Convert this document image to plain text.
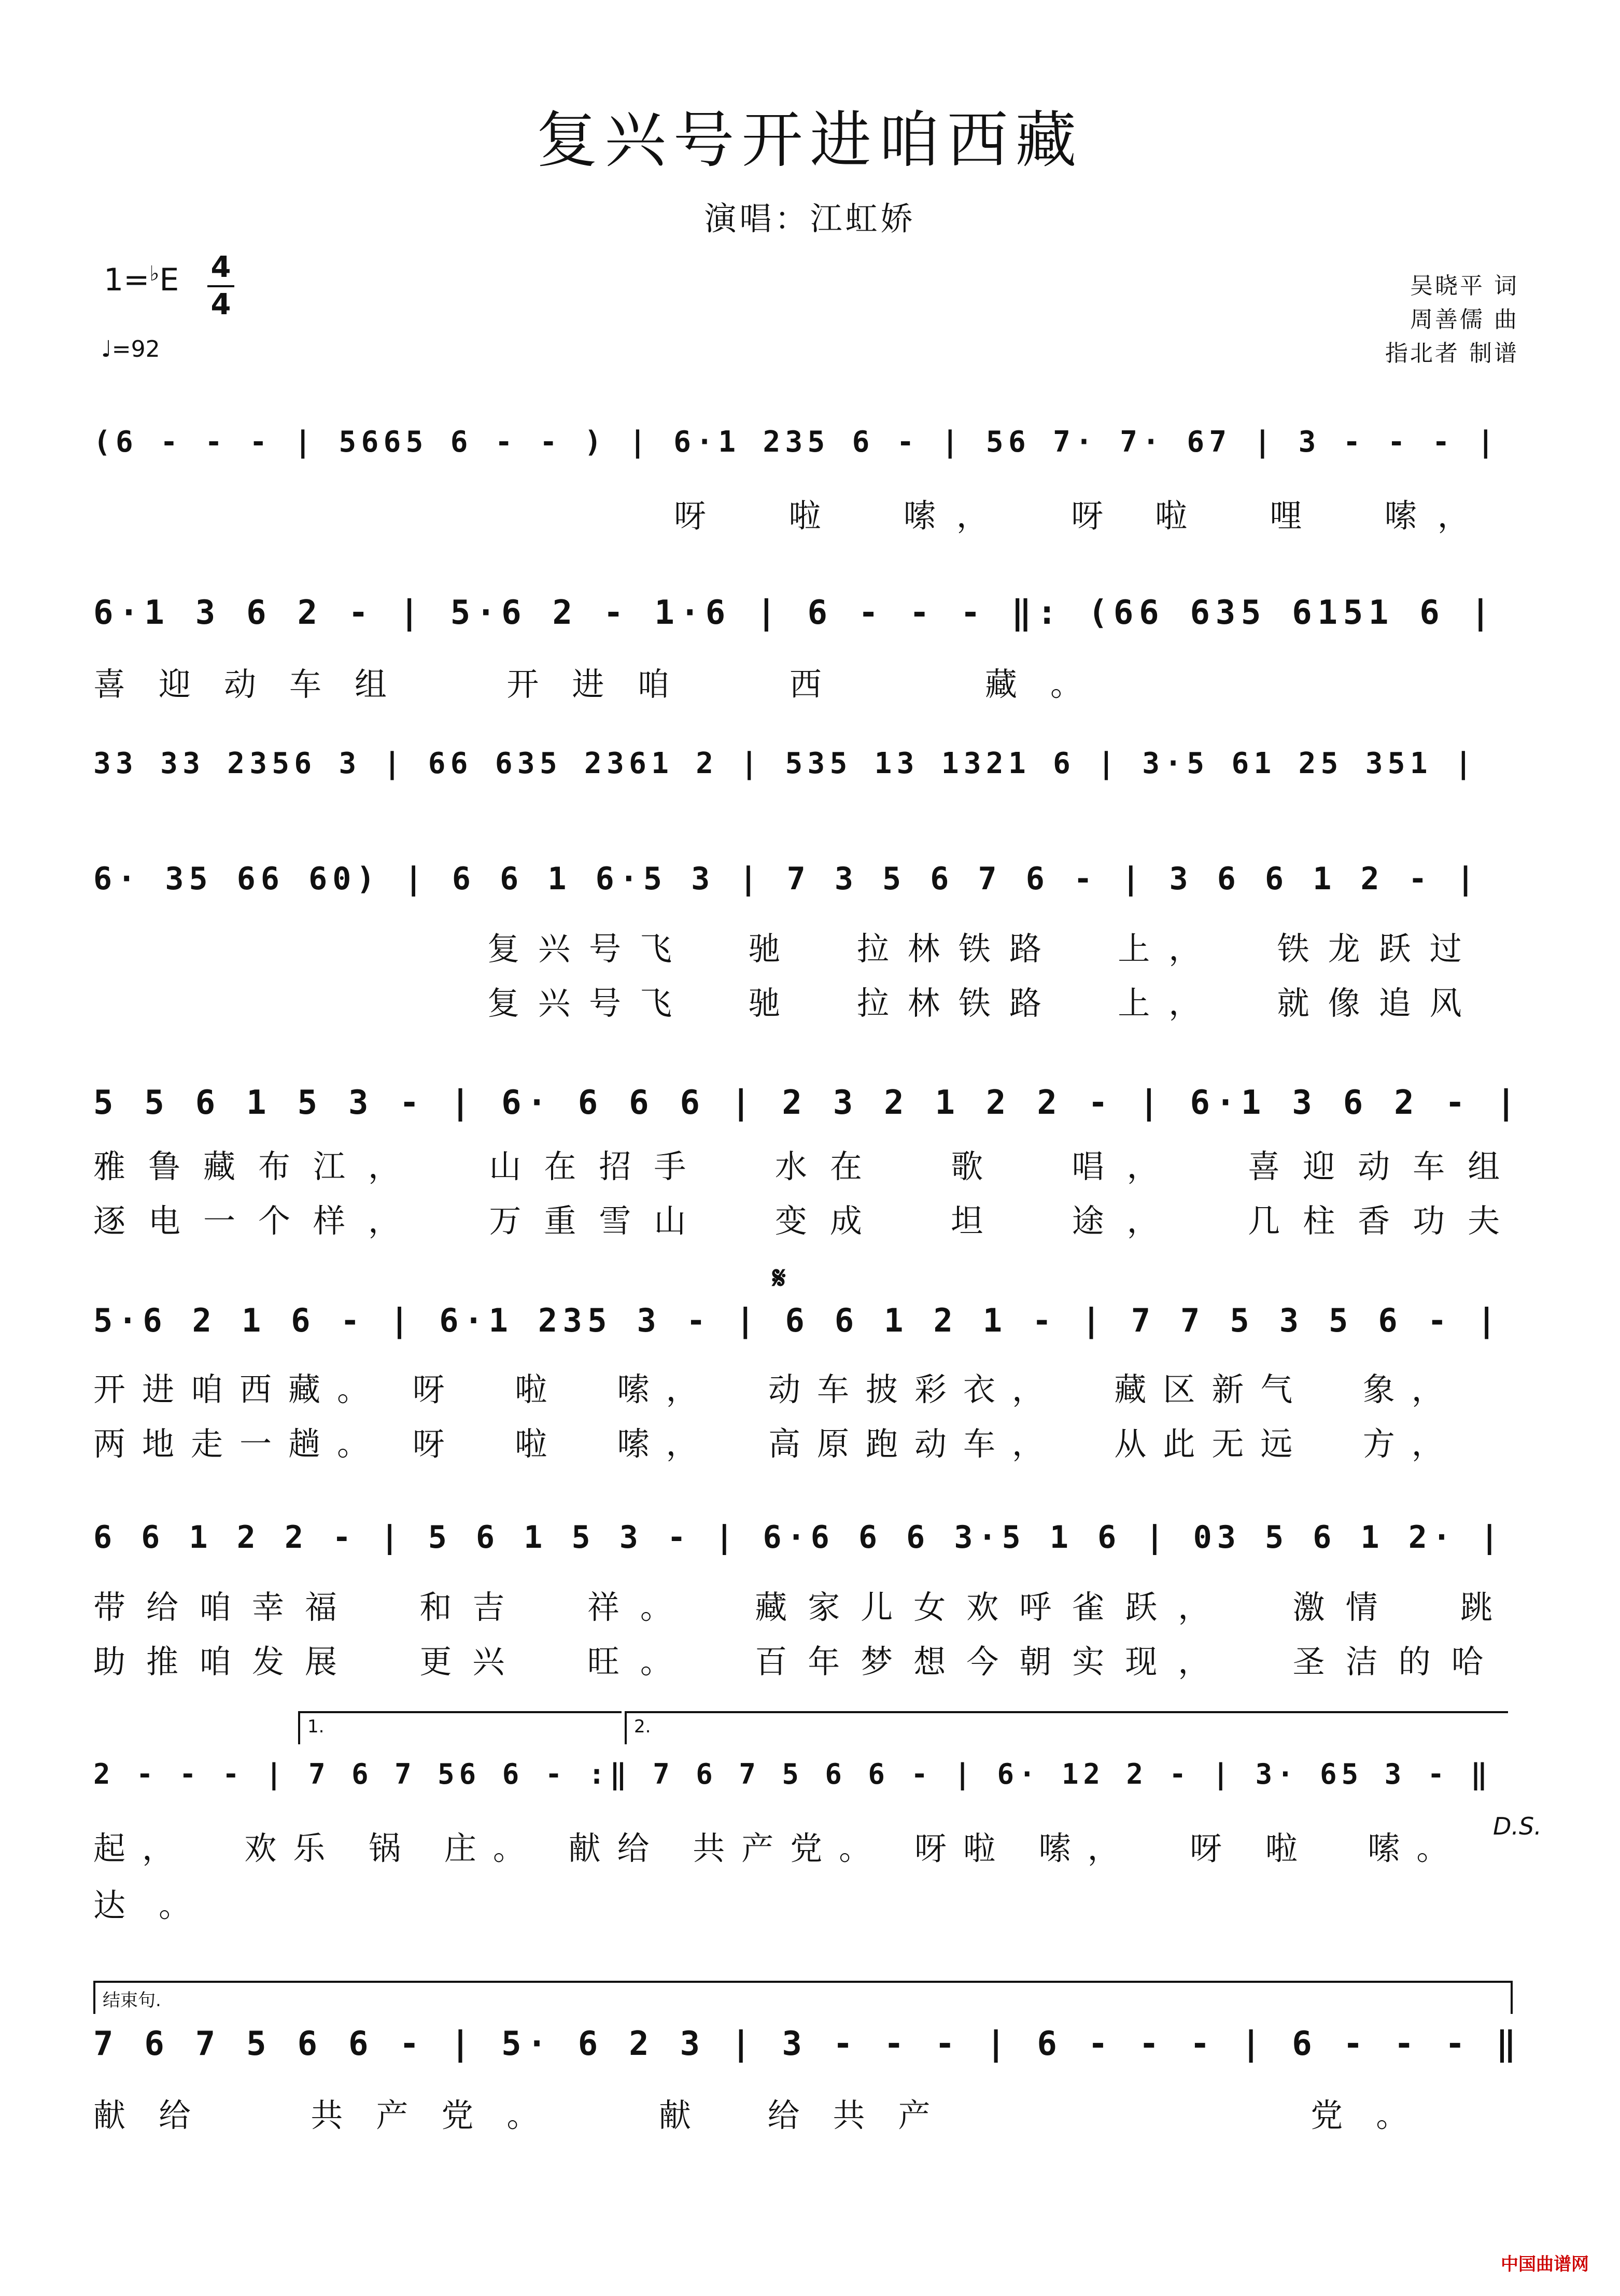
复兴号开进咱西藏
演唱：江虹娇
1=♭E 4
4
♩=92
吴晓平 词
周善儒 曲
指北者 制谱
(6 - - - | 5665 6 - - ) | 6·1 235 6 - | 56 7· 7· 67 | 3 - - - |
呀  啦  嗦，  呀 啦  哩  嗦，
6·1 3 6 2 - | 5·6 2 - 1·6 | 6 - - - ‖: (66 635 6151 6 |
喜迎动车组  开进咱  西   藏。
33 33 2356 3 | 66 635 2361 2 | 535 13 1321 6 | 3·5 61 25 351 |
6· 35 66 60) | 6 6 1 6·5 3 | 7 3 5 6 7 6 - | 3 6 6 1 2 - |
复兴号飞  驰  拉林铁路  上，  铁龙跃过
复兴号飞  驰  拉林铁路  上，  就像追风
5 5 6 1 5 3 - | 6· 6 6 6 | 2 3 2 1 2 2 - | 6·1 3 6 2 - |
雅鲁藏布江，  山在招手  水在  歌  唱，  喜迎动车组
逐电一个样，  万重雪山  变成  坦  途，  几柱香功夫
𝄋
5·6 2 1 6 - | 6·1 235 3 - | 6 6 1 2 1 - | 7 7 5 3 5 6 - |
开进咱西藏。 呀  啦  嗦，  动车披彩衣，  藏区新气  象，
两地走一趟。 呀  啦  嗦，  高原跑动车，  从此无远  方，
6 6 1 2 2 - | 5 6 1 5 3 - | 6·6 6 6 3·5 1 6 | 03 5 6 1 2· |
带给咱幸福  和吉  祥。  藏家儿女欢呼雀跃，  激情  跳
助推咱发展  更兴  旺。  百年梦想今朝实现，  圣洁的哈
1.	2.
2 - - - | 7 6 7 56 6 - :‖ 7 6 7 5 6 6 - | 6· 12 2 - | 3· 65 3 - ‖
D.S.
起，  欢乐 锅 庄。 献给 共产党。 呀啦 嗦，  呀 啦  嗦。
达。
结束句.
7 6 7 5 6 6 - | 5· 6 2 3 | 3 - - - | 6 - - - | 6 - - - ‖
献给  共产党。  献 给共产        党。
中国曲谱网
